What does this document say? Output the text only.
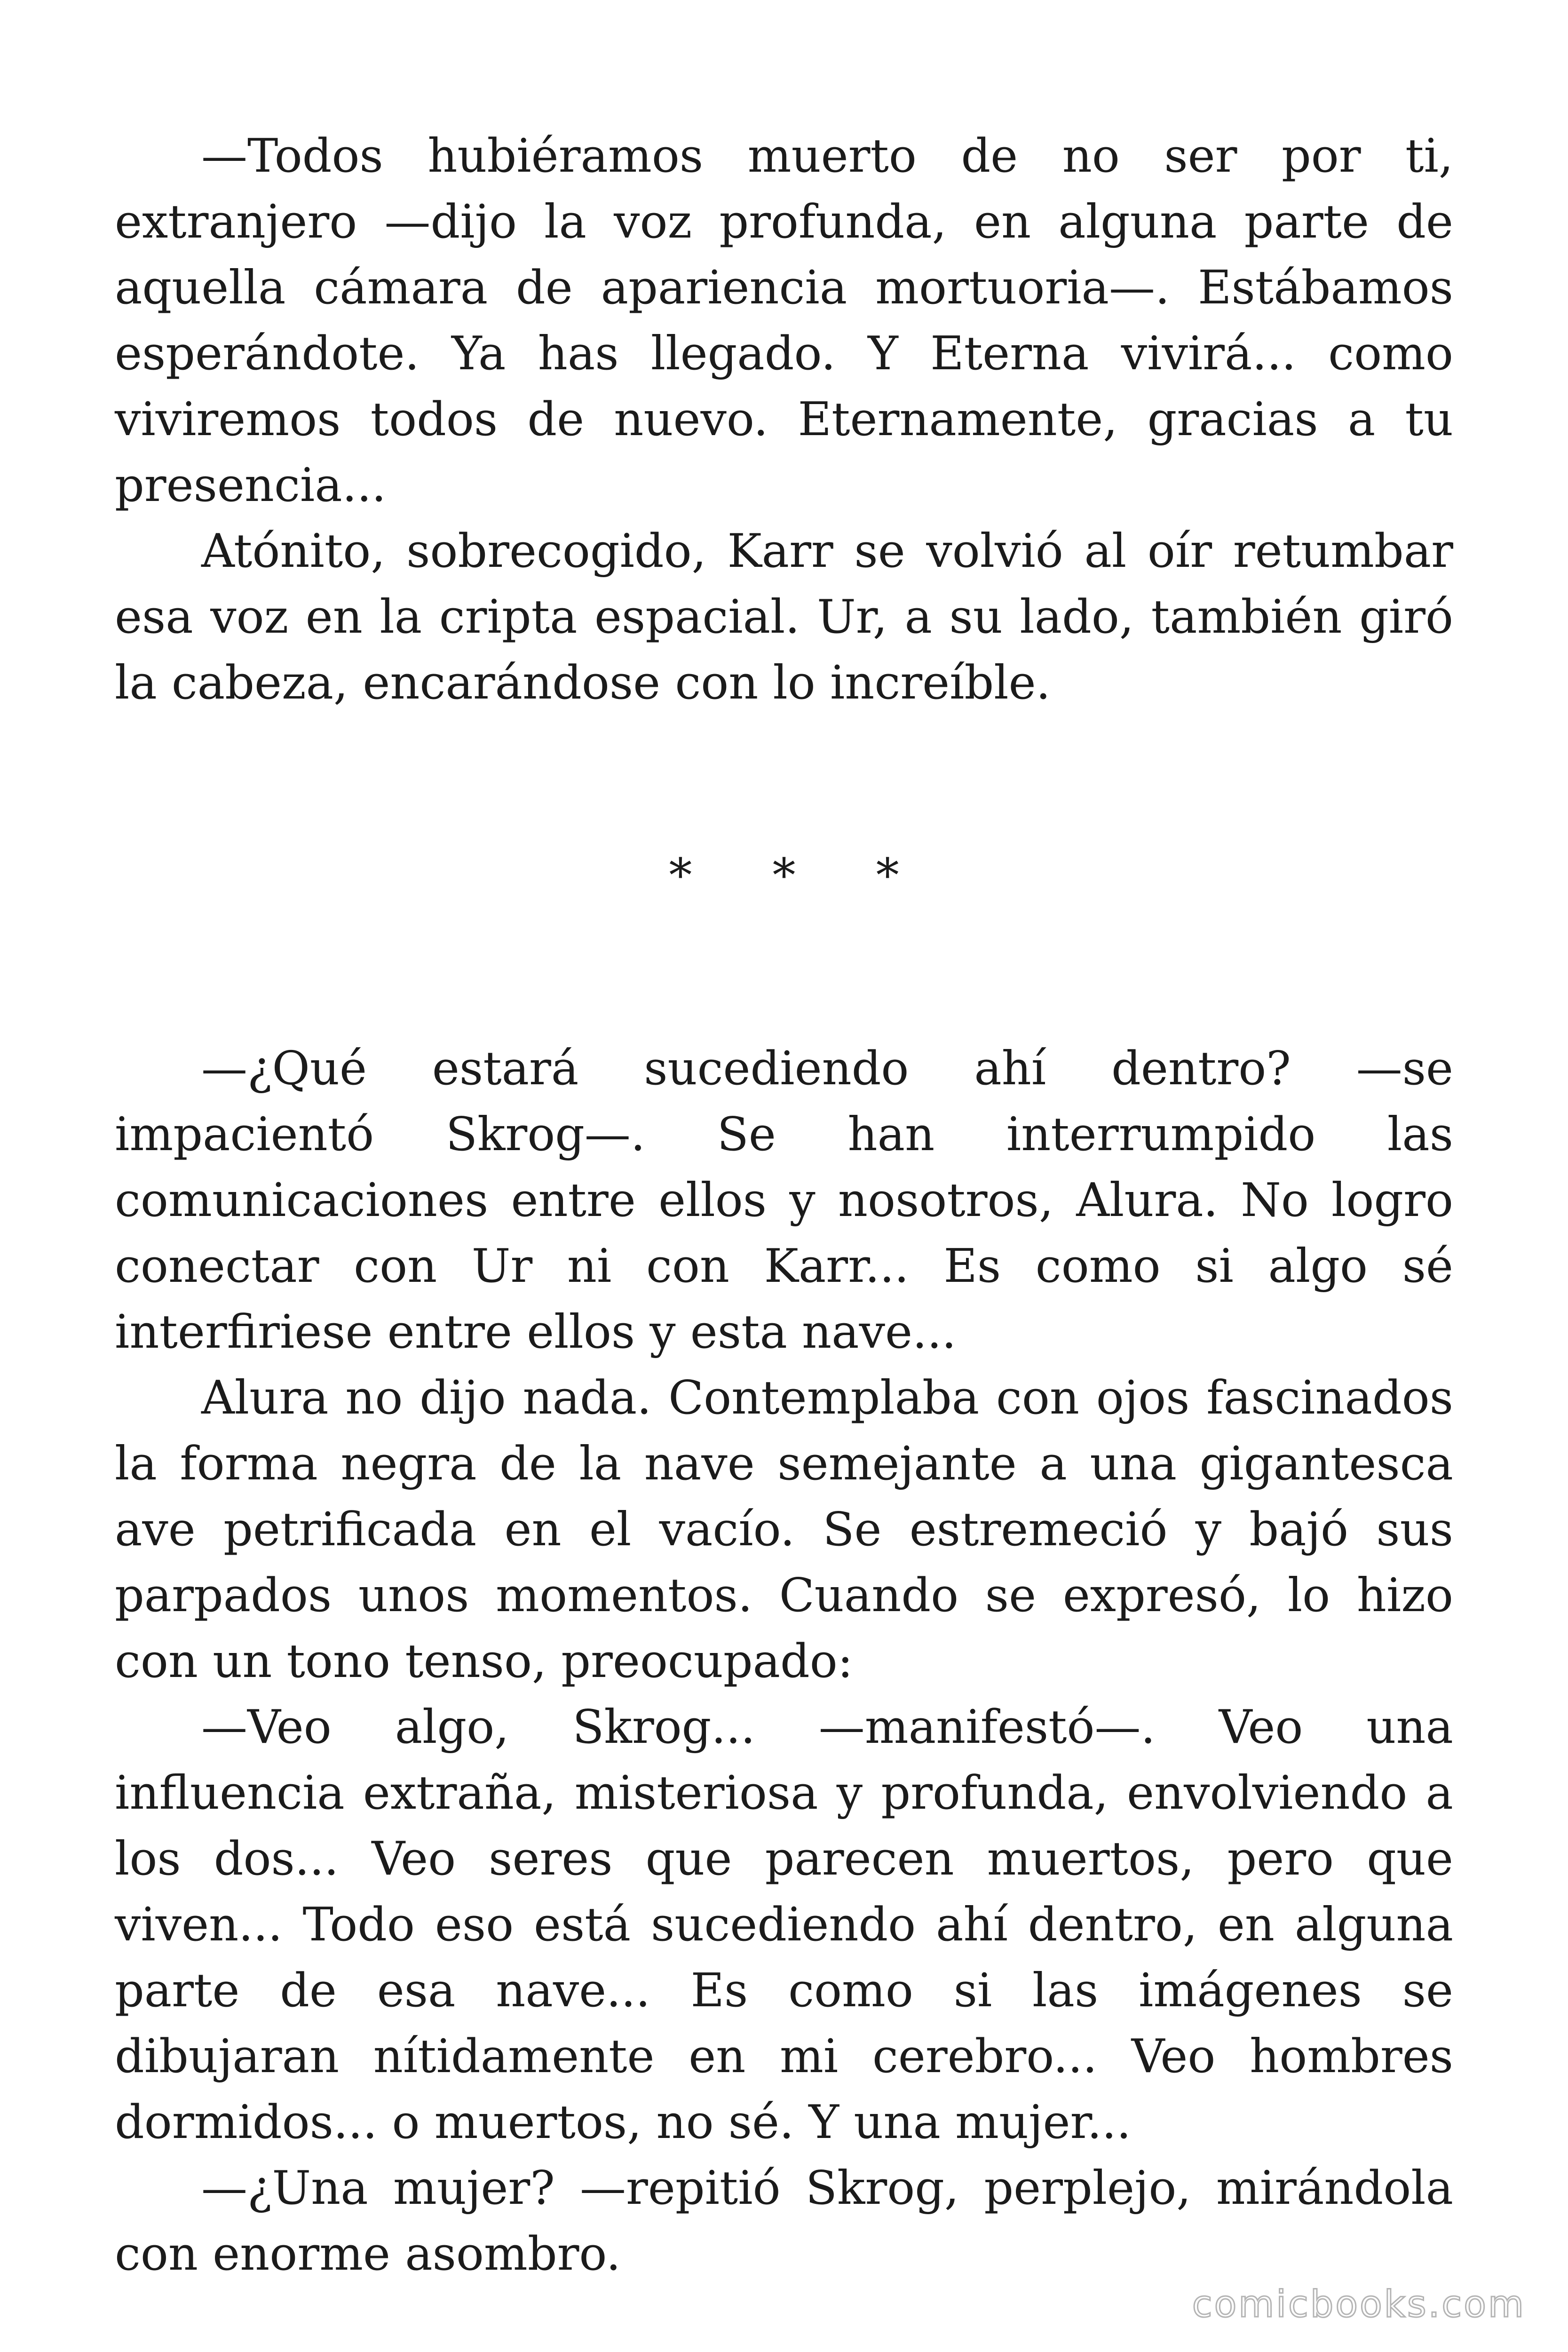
—Todos hubiéramos muerto de no ser por ti, extranjero —dijo la voz profunda, en alguna parte de aquella cámara de apariencia mortuoria—. Estábamos esperándote. Ya has llegado. Y Eterna vivirá... como viviremos todos de nuevo. Eternamente, gracias a tu presencia...

Atónito, sobrecogido, Karr se volvió al oír retumbar esa voz en la cripta espacial. Ur, a su lado, también giró la cabeza, encarándose con lo increíble.

* * *

—¿Qué estará sucediendo ahí dentro? —se impacientó Skrog—. Se han interrumpido las comunicaciones entre ellos y nosotros, Alura. No logro conectar con Ur ni con Karr... Es como si algo sé interfiriese entre ellos y esta nave...

Alura no dijo nada. Contemplaba con ojos fascinados la forma negra de la nave semejante a una gigantesca ave petrificada en el vacío. Se estremeció y bajó sus parpados unos momentos. Cuando se expresó, lo hizo con un tono tenso, preocupado:

—Veo algo, Skrog... —manifestó—. Veo una influencia extraña, misteriosa y profunda, envolviendo a los dos... Veo seres que parecen muertos, pero que viven... Todo eso está sucediendo ahí dentro, en alguna parte de esa nave... Es como si las imágenes se dibujaran nítidamente en mi cerebro... Veo hombres dormidos... o muertos, no sé. Y una mujer...

—¿Una mujer? —repitió Skrog, perplejo, mirándola con enorme asombro.

comicbooks.com
